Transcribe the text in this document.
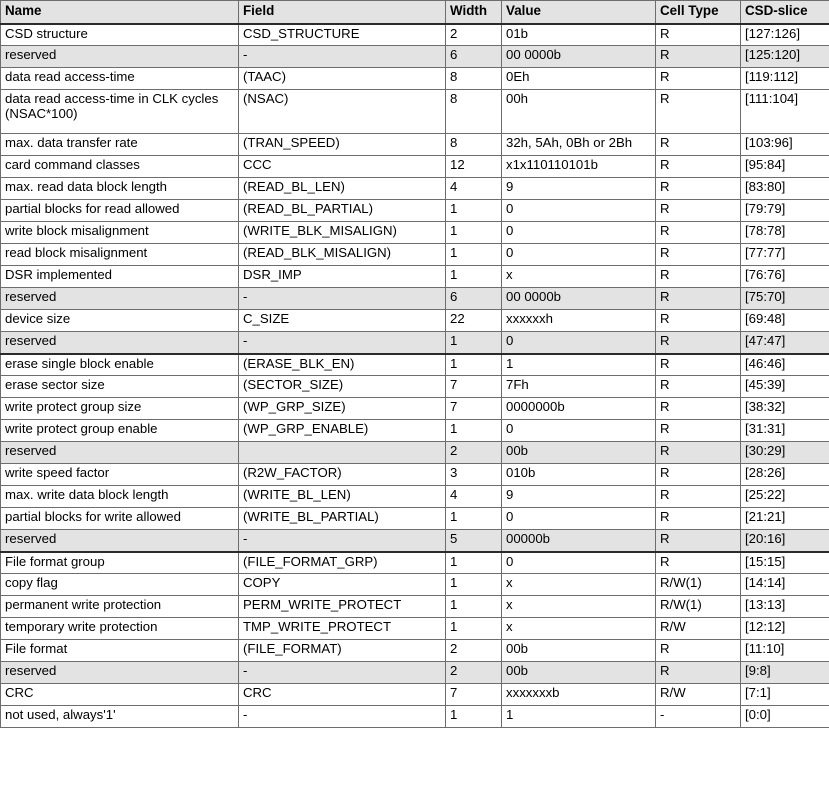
Name	Field	Width	Value	Cell Type	CSD-slice
CSD structure	CSD_STRUCTURE	2	01b	R	[127:126]
reserved	-	6	00 0000b	R	[125:120]
data read access-time	(TAAC)	8	0Eh	R	[119:112]
data read access-time in CLK cycles (NSAC*100)	(NSAC)	8	00h	R	[111:104]
max. data transfer rate	(TRAN_SPEED)	8	32h, 5Ah, 0Bh or 2Bh	R	[103:96]
card command classes	CCC	12	x1x110110101b	R	[95:84]
max. read data block length	(READ_BL_LEN)	4	9	R	[83:80]
partial blocks for read allowed	(READ_BL_PARTIAL)	1	0	R	[79:79]
write block misalignment	(WRITE_BLK_MISALIGN)	1	0	R	[78:78]
read block misalignment	(READ_BLK_MISALIGN)	1	0	R	[77:77]
DSR implemented	DSR_IMP	1	x	R	[76:76]
reserved	-	6	00 0000b	R	[75:70]
device size	C_SIZE	22	xxxxxxh	R	[69:48]
reserved	-	1	0	R	[47:47]
erase single block enable	(ERASE_BLK_EN)	1	1	R	[46:46]
erase sector size	(SECTOR_SIZE)	7	7Fh	R	[45:39]
write protect group size	(WP_GRP_SIZE)	7	0000000b	R	[38:32]
write protect group enable	(WP_GRP_ENABLE)	1	0	R	[31:31]
reserved		2	00b	R	[30:29]
write speed factor	(R2W_FACTOR)	3	010b	R	[28:26]
max. write data block length	(WRITE_BL_LEN)	4	9	R	[25:22]
partial blocks for write allowed	(WRITE_BL_PARTIAL)	1	0	R	[21:21]
reserved	-	5	00000b	R	[20:16]
File format group	(FILE_FORMAT_GRP)	1	0	R	[15:15]
copy flag	COPY	1	x	R/W(1)	[14:14]
permanent write protection	PERM_WRITE_PROTECT	1	x	R/W(1)	[13:13]
temporary write protection	TMP_WRITE_PROTECT	1	x	R/W	[12:12]
File format	(FILE_FORMAT)	2	00b	R	[11:10]
reserved	-	2	00b	R	[9:8]
CRC	CRC	7	xxxxxxxb	R/W	[7:1]
not used, always'1'	-	1	1	-	[0:0]
